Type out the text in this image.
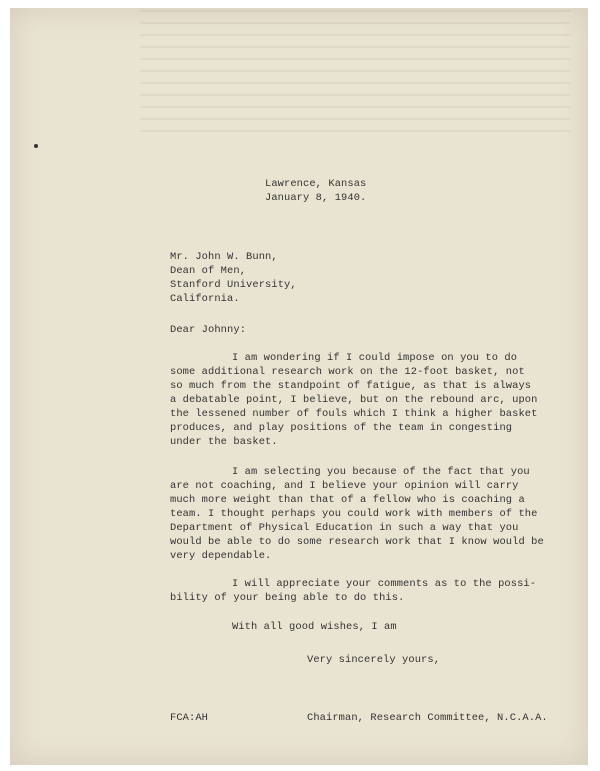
Lawrence, Kansas
January 8, 1940.
Mr. John W. Bunn,
Dean of Men,
Stanford University,
California.
Dear Johnny:
I am wondering if I could impose on you to do
some additional research work on the 12-foot basket, not
so much from the standpoint of fatigue, as that is always
a debatable point, I believe, but on the rebound arc, upon
the lessened number of fouls which I think a higher basket
produces, and play positions of the team in congesting
under the basket.
I am selecting you because of the fact that you
are not coaching, and I believe your opinion will carry
much more weight than that of a fellow who is coaching a
team. I thought perhaps you could work with members of the
Department of Physical Education in such a way that you
would be able to do some research work that I know would be
very dependable.
I will appreciate your comments as to the possi-
bility of your being able to do this.
With all good wishes, I am
Very sincerely yours,
FCA:AH	Chairman, Research Committee, N.C.A.A.
